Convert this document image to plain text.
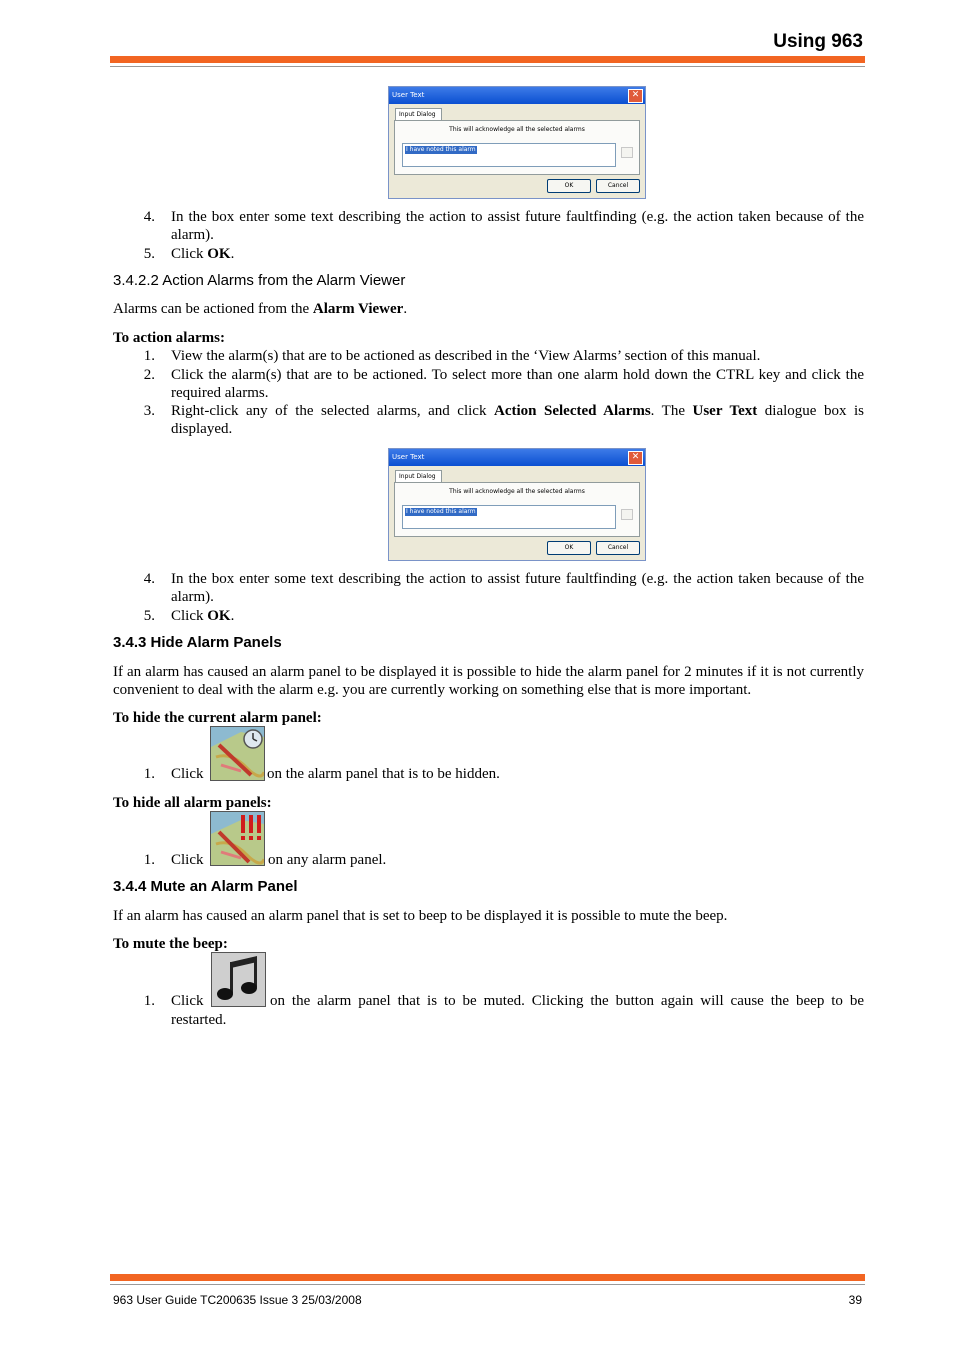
Using 963
User Text	✕
Input Dialog
This will acknowledge all the selected alarms
I have noted this alarm
OK	Cancel
4. In the box enter some text describing the action to assist future faultfinding (e.g. the action taken because of the alarm).
5. Click OK.
3.4.2.2 Action Alarms from the Alarm Viewer
Alarms can be actioned from the Alarm Viewer.
To action alarms:
1. View the alarm(s) that are to be actioned as described in the ‘View Alarms’ section of this manual.
2. Click the alarm(s) that are to be actioned. To select more than one alarm hold down the CTRL key and click the required alarms.
3. Right-click any of the selected alarms, and click Action Selected Alarms. The User Text dialogue box is displayed.
User Text	✕
Input Dialog
This will acknowledge all the selected alarms
I have noted this alarm
OK	Cancel
4. In the box enter some text describing the action to assist future faultfinding (e.g. the action taken because of the alarm).
5. Click OK.
3.4.3 Hide Alarm Panels
If an alarm has caused an alarm panel to be displayed it is possible to hide the alarm panel for 2 minutes if it is not currently convenient to deal with the alarm e.g. you are currently working on something else that is more important.
To hide the current alarm panel:
1. Click	on the alarm panel that is to be hidden.
To hide all alarm panels:
1. Click	on any alarm panel.
3.4.4 Mute an Alarm Panel
If an alarm has caused an alarm panel that is set to beep to be displayed it is possible to mute the beep.
To mute the beep:
1. Click	on the alarm panel that is to be muted. Clicking the button again will cause the beep to be
restarted.
963 User Guide TC200635 Issue 3 25/03/2008	39
